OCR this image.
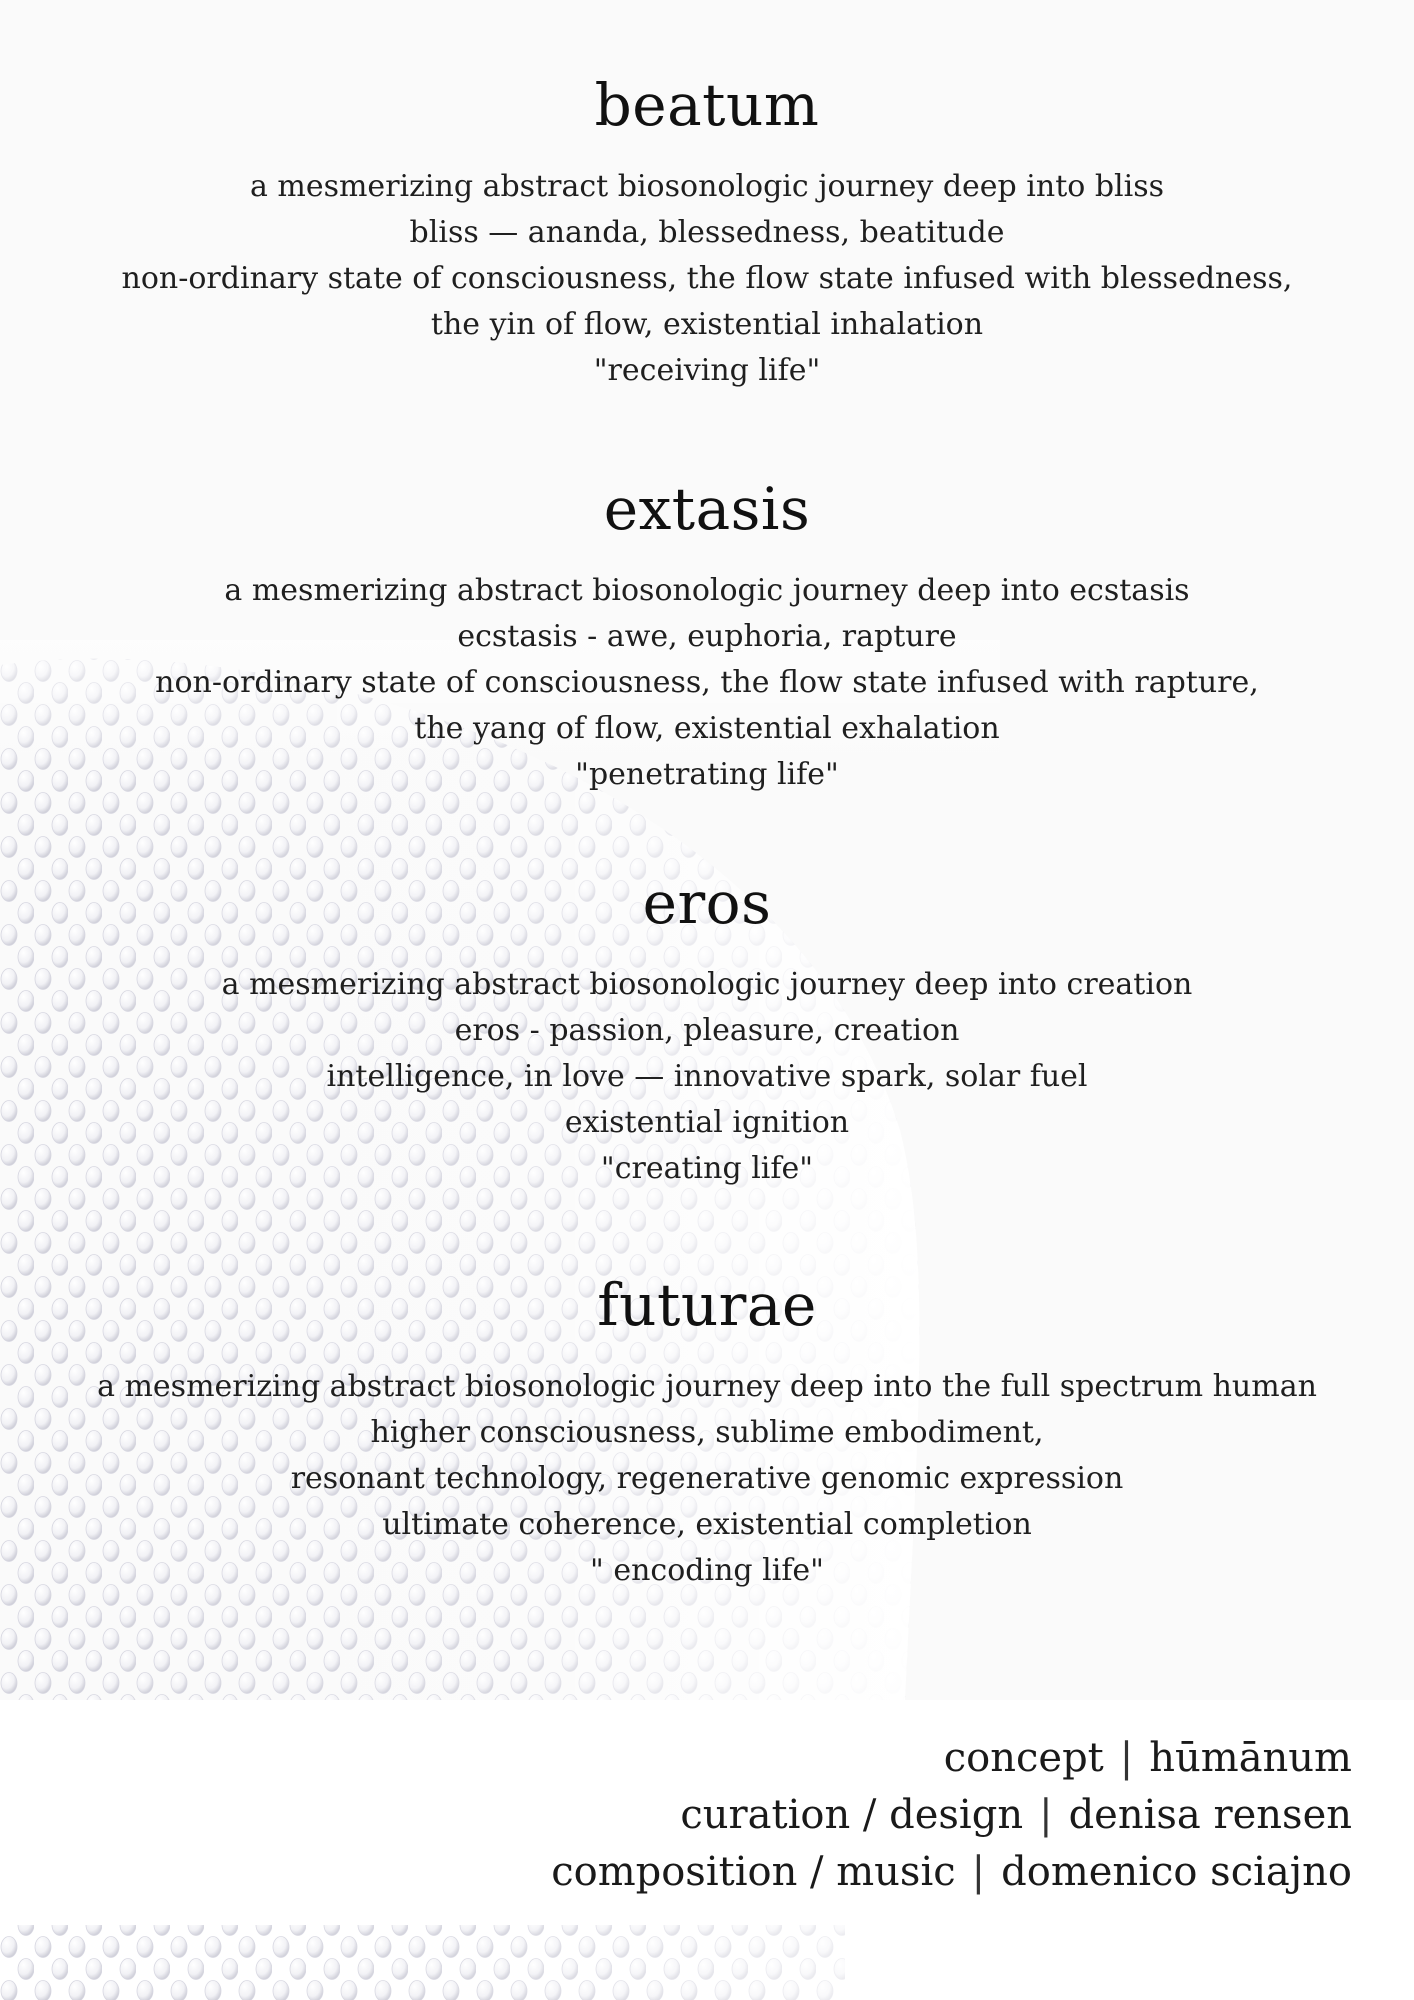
beatum
a mesmerizing abstract biosonologic journey deep into bliss
bliss — ananda, blessedness, beatitude
non-ordinary state of consciousness, the flow state infused with blessedness,
the yin of flow, existential inhalation
"receiving life"
extasis
a mesmerizing abstract biosonologic journey deep into ecstasis
ecstasis - awe, euphoria, rapture
non-ordinary state of consciousness, the flow state infused with rapture,
the yang of flow, existential exhalation
"penetrating life"
eros
a mesmerizing abstract biosonologic journey deep into creation
eros - passion, pleasure, creation
intelligence, in love — innovative spark, solar fuel
existential ignition
"creating life"
futurae
a mesmerizing abstract biosonologic journey deep into the full spectrum human
higher consciousness, sublime embodiment,
resonant technology, regenerative genomic expression
ultimate coherence, existential completion
" encoding life"
concept | hūmānum
curation / design | denisa rensen
composition / music | domenico sciajno
